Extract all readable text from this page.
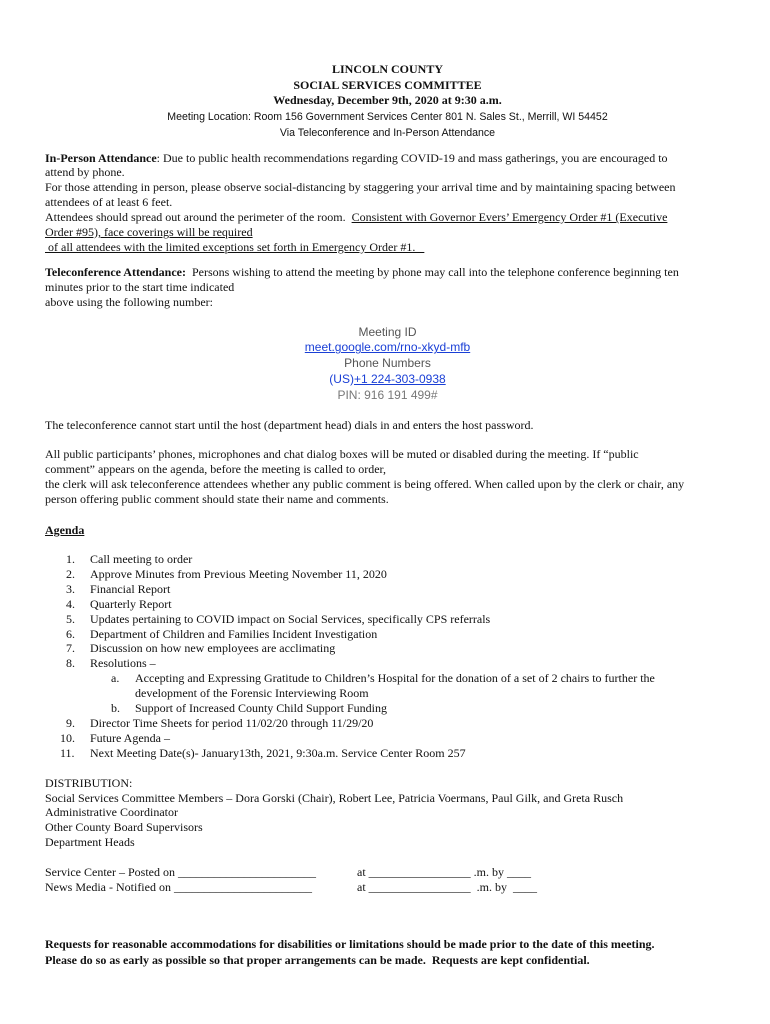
LINCOLN COUNTY
SOCIAL SERVICES COMMITTEE
Wednesday, December 9th, 2020 at 9:30 a.m.
Meeting Location: Room 156 Government Services Center 801 N. Sales St., Merrill, WI 54452
Via Teleconference and In-Person Attendance

In-Person Attendance: Due to public health recommendations regarding COVID-19 and mass gatherings, you are encouraged to

attend by phone.

For those attending in person, please observe social-distancing by staggering your arrival time and by maintaining spacing between

attendees of at least 6 feet.

Attendees should spread out around the perimeter of the room.  Consistent with Governor Evers’ Emergency Order #1 (Executive

Order #95), face coverings will be required

of all attendees with the limited exceptions set forth in Emergency Order #1.

Teleconference Attendance:  Persons wishing to attend the meeting by phone may call into the telephone conference beginning ten

minutes prior to the start time indicated

above using the following number:

Meeting ID
meet.google.com/rno-xkyd-mfb
Phone Numbers
(US)+1 224-303-0938
PIN: 916 191 499#

The teleconference cannot start until the host (department head) dials in and enters the host password.

All public participants’ phones, microphones and chat dialog boxes will be muted or disabled during the meeting. If “public

comment” appears on the agenda, before the meeting is called to order,

the clerk will ask teleconference attendees whether any public comment is being offered. When called upon by the clerk or chair, any

person offering public comment should state their name and comments.

Agenda

1. Call meeting to order
2. Approve Minutes from Previous Meeting November 11, 2020
3. Financial Report
4. Quarterly Report
5. Updates pertaining to COVID impact on Social Services, specifically CPS referrals
6. Department of Children and Families Incident Investigation
7. Discussion on how new employees are acclimating
8. Resolutions –
a. Accepting and Expressing Gratitude to Children’s Hospital for the donation of a set of 2 chairs to further the
development of the Forensic Interviewing Room
b. Support of Increased County Child Support Funding
9. Director Time Sheets for period 11/02/20 through 11/29/20
10. Future Agenda –
11. Next Meeting Date(s)- January13th, 2021, 9:30a.m. Service Center Room 257

DISTRIBUTION:

Social Services Committee Members – Dora Gorski (Chair), Robert Lee, Patricia Voermans, Paul Gilk, and Greta Rusch

Administrative Coordinator

Other County Board Supervisors

Department Heads

Service Center – Posted on _______________________	at _________________ .m. by ____
News Media - Notified on _______________________	at _________________  .m. by  ____
Requests for reasonable accommodations for disabilities or limitations should be made prior to the date of this meeting.
Please do so as early as possible so that proper arrangements can be made.  Requests are kept confidential.
